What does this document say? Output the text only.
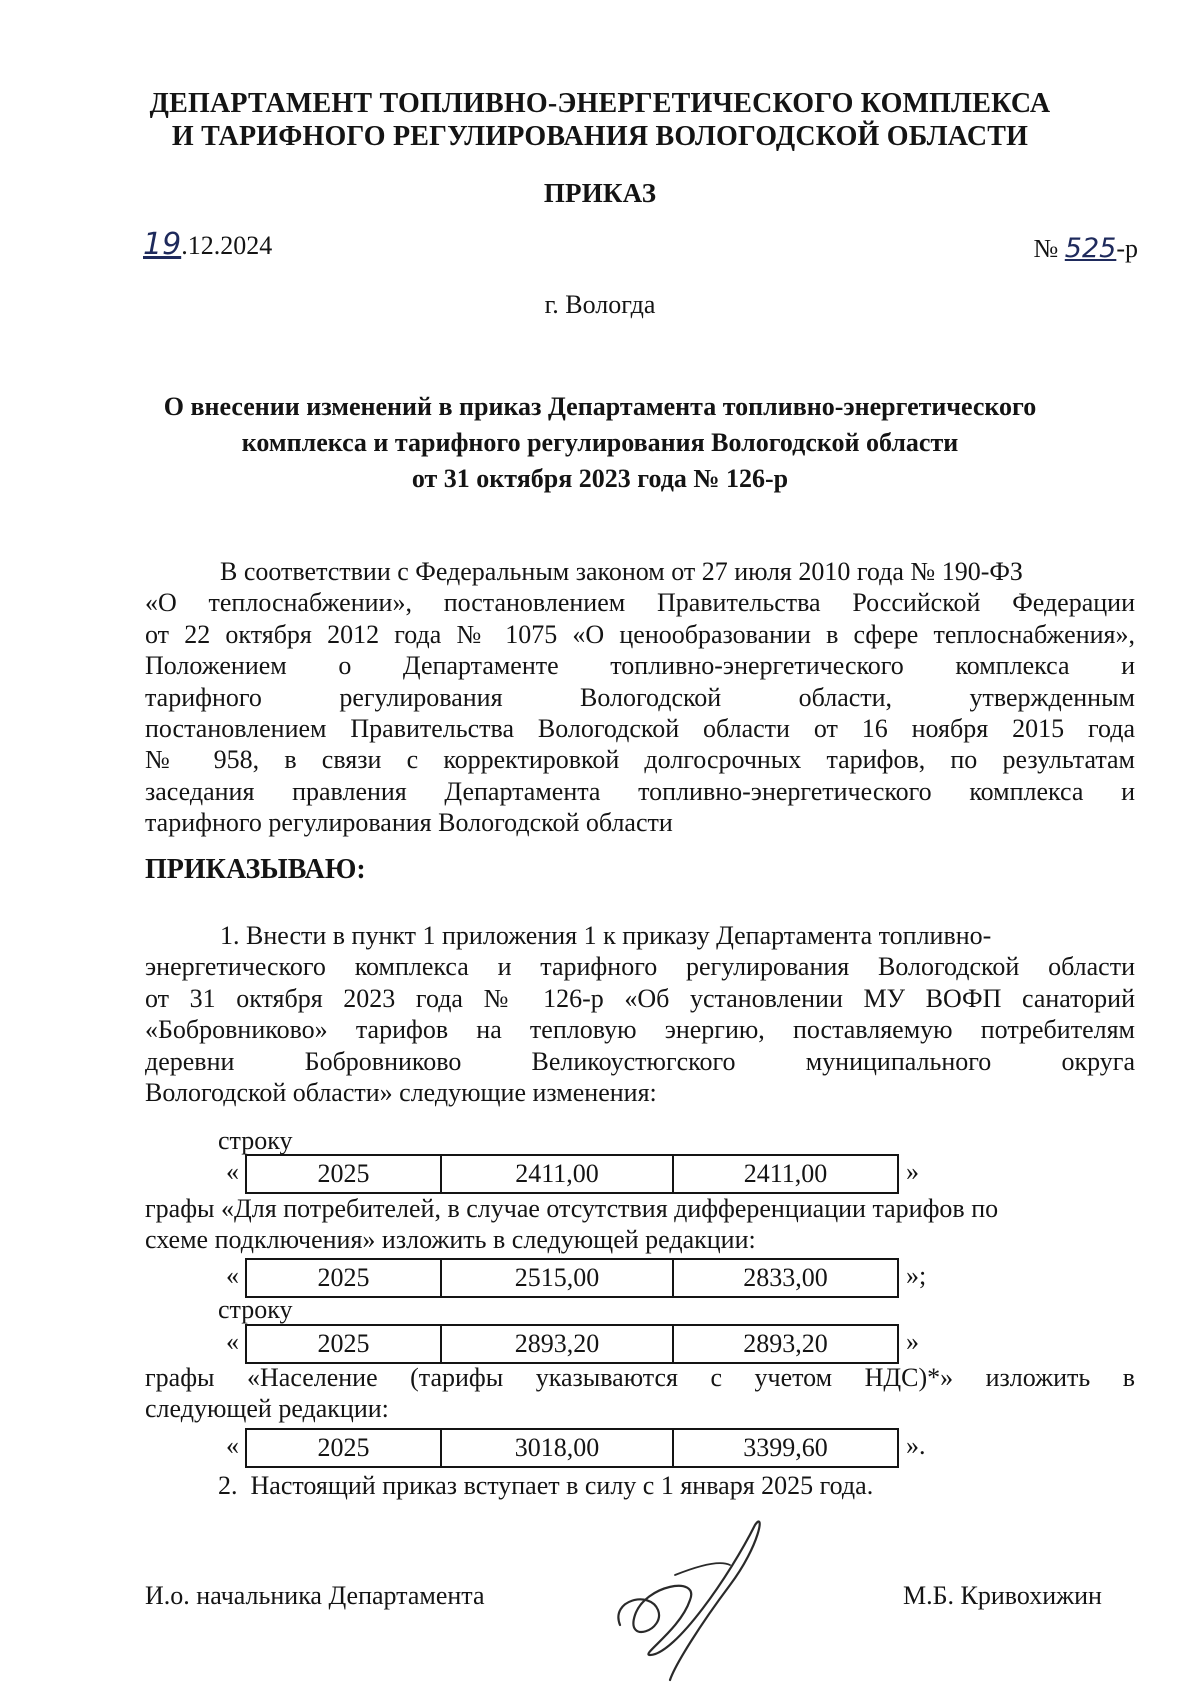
ДЕПАРТАМЕНТ ТОПЛИВНО-ЭНЕРГЕТИЧЕСКОГО КОМПЛЕКСА
И ТАРИФНОГО РЕГУЛИРОВАНИЯ ВОЛОГОДСКОЙ ОБЛАСТИ
ПРИКАЗ
19.12.2024	№ 525-р
г. Вологда
О внесении изменений в приказ Департамента топливно-энергетического
комплекса и тарифного регулирования Вологодской области
от 31 октября 2023 года № 126-р
В соответствии с Федеральным законом от 27 июля 2010 года № 190-ФЗ
«О теплоснабжении», постановлением Правительства Российской Федерации
от 22 октября 2012 года № 1075 «О ценообразовании в сфере теплоснабжения»,
Положением о Департаменте топливно-энергетического комплекса и
тарифного регулирования Вологодской области, утвержденным
постановлением Правительства Вологодской области от 16 ноября 2015 года
№ 958, в связи с корректировкой долгосрочных тарифов, по результатам
заседания правления Департамента топливно-энергетического комплекса и
тарифного регулирования Вологодской области
ПРИКАЗЫВАЮ:
1. Внести в пункт 1 приложения 1 к приказу Департамента топливно-
энергетического комплекса и тарифного регулирования Вологодской области
от 31 октября 2023 года № 126-р «Об установлении МУ ВОФП санаторий
«Бобровниково» тарифов на тепловую энергию, поставляемую потребителям
деревни Бобровниково Великоустюгского муниципального округа
Вологодской области» следующие изменения:
строку
«	2025	2411,00	2411,00	»
графы «Для потребителей, в случае отсутствия дифференциации тарифов по
схеме подключения» изложить в следующей редакции:
«	2025	2515,00	2833,00	»;
строку
«	2025	2893,20	2893,20	»
графы «Население (тарифы указываются с учетом НДС)*» изложить в
следующей редакции:
«	2025	3018,00	3399,60	».
2.  Настоящий приказ вступает в силу с 1 января 2025 года.
И.о. начальника Департамента	М.Б. Кривохижин
